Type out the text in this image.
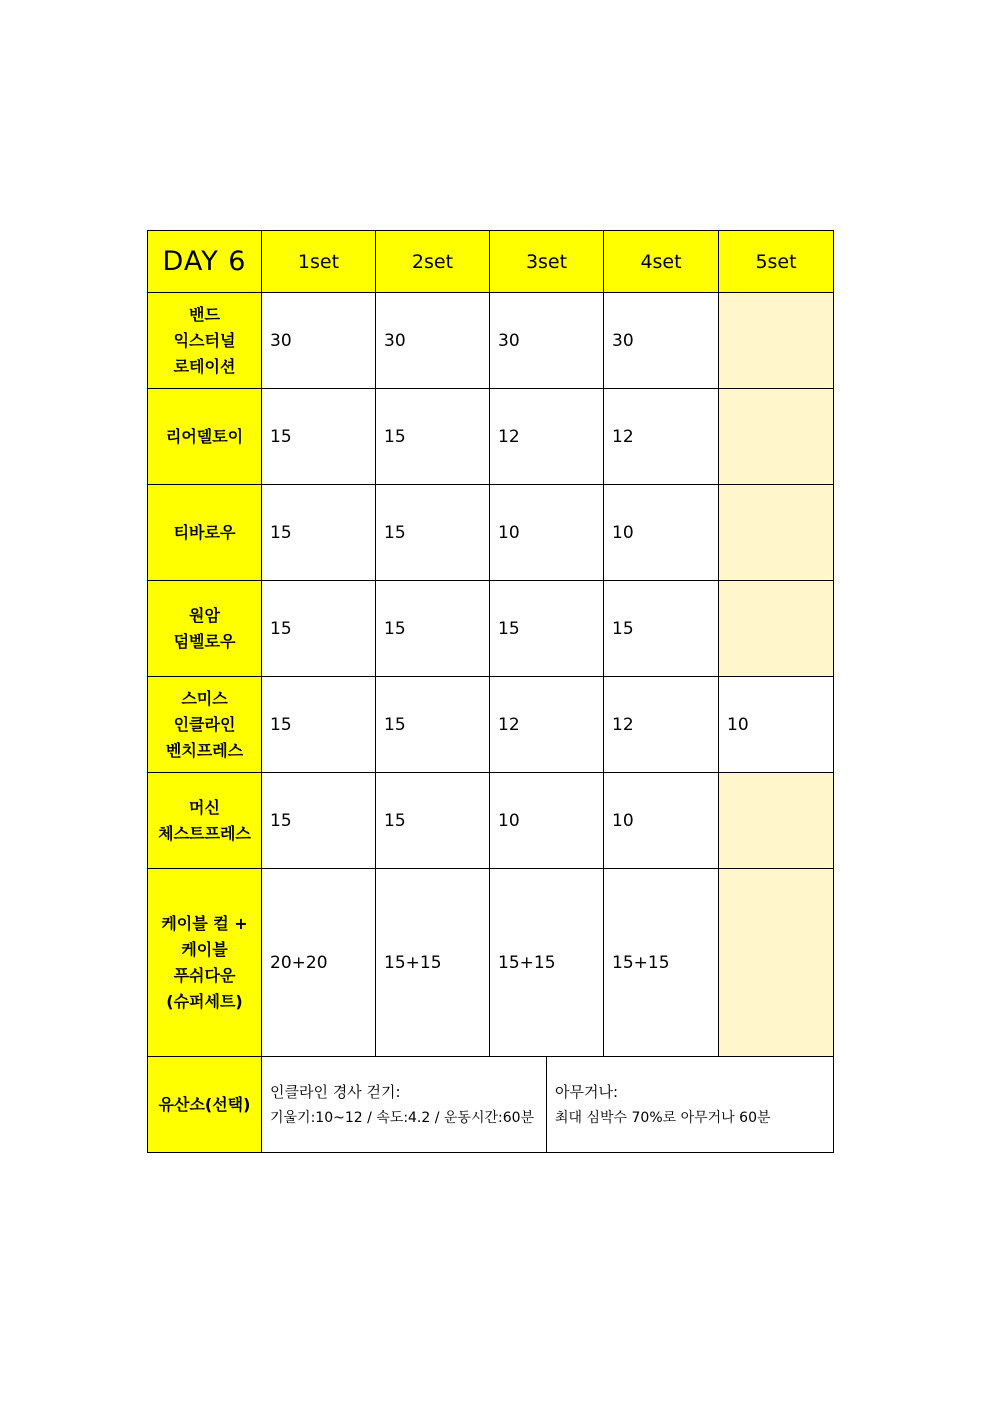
DAY 6	1set	2set	3set		4set	5set

밴드
익스터널
로테이션	30	30	30		30	

리어델토이	15	15	12		12	

티바로우	15	15	10		10	

원암
덤벨로우	15	15	15		15	

스미스
인클라인
벤치프레스	15	15	12		12	10

머신
체스트프레스	15	15	10		10	

케이블 컬 +
케이블
푸쉬다운
(슈퍼세트)	20+20	15+15	15+15		15+15	
유산소(선택)	인클라인 경사 걷기:
기울기:10~12 / 속도:4.2 / 운동시간:60분			아무거나:
최대 심박수 70%로 아무거나 60분		
